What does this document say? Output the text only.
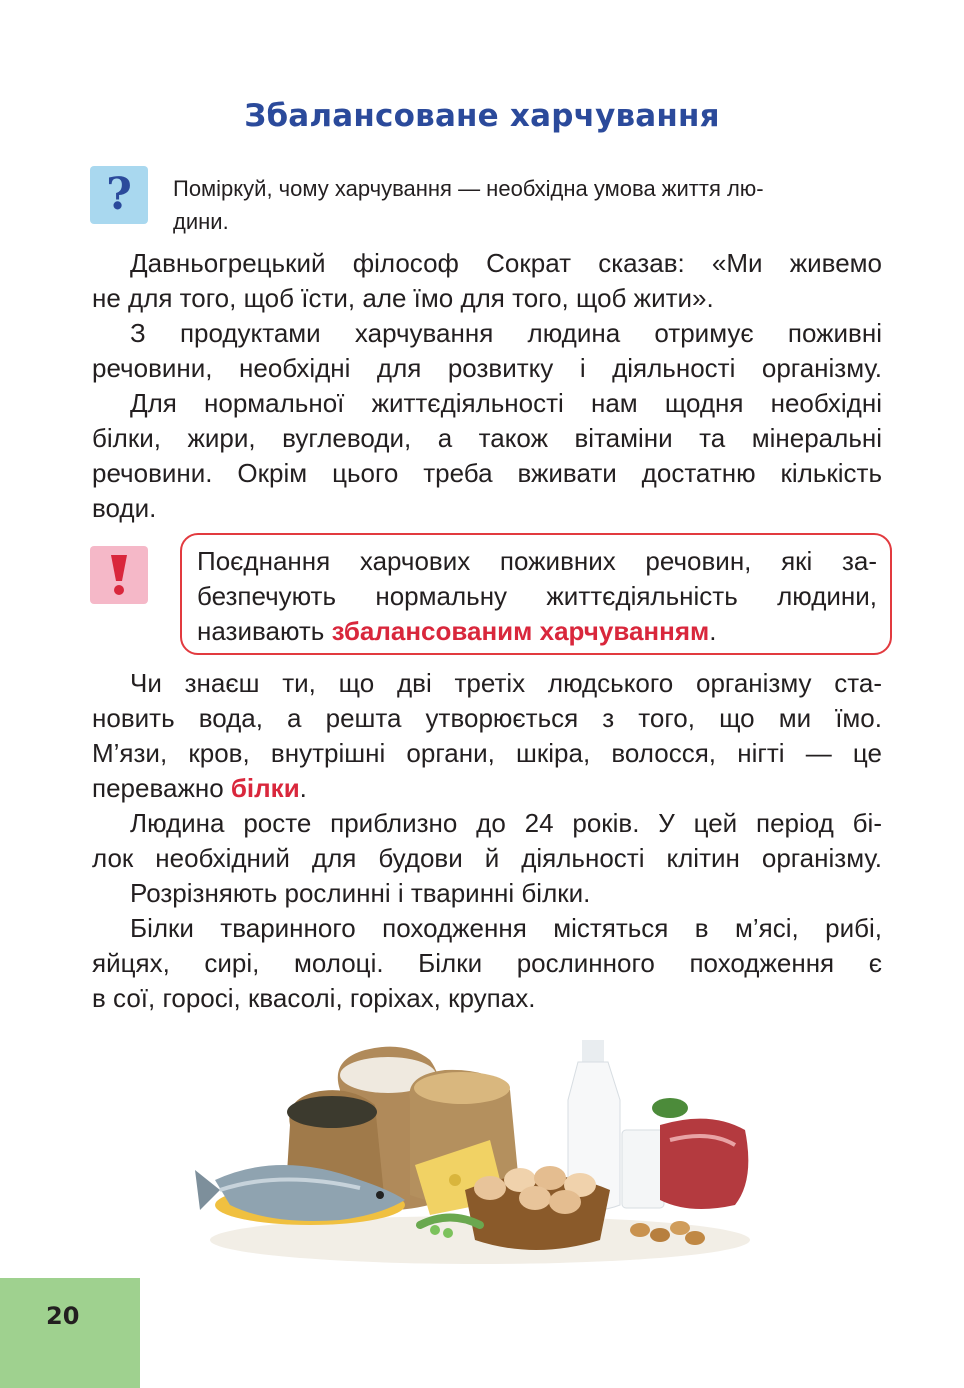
Збалансоване харчування
? Поміркуй, чому харчування — необхідна умова життя лю-
дини.
Давньогрецький філософ Сократ сказав: «Ми живемо
не для того, щоб їсти, але їмо для того, щоб жити».
З продуктами харчування людина отримує поживні
речовини, необхідні для розвитку і діяльності організму.
Для нормальної життєдіяльності нам щодня необхідні
білки, жири, вуглеводи, а також вітаміни та мінеральні
речовини. Окрім цього треба вживати достатню кількість
води.
Поєднання харчових поживних речовин, які за-
безпечують нормальну життєдіяльність людини,
називають збалансованим харчуванням.
Чи знаєш ти, що дві третіх людського організму ста-
новить вода, а решта утворюється з того, що ми їмо.
М’язи, кров, внутрішні органи, шкіра, волосся, нігті — це
переважно білки.
Людина росте приблизно до 24 років. У цей період бі-
лок необхідний для будови й діяльності клітин організму.
Розрізняють рослинні і тваринні білки.
Білки тваринного походження містяться в м’ясі, рибі,
яйцях, сирі, молоці. Білки рослинного походження є
в сої, горосі, квасолі, горіхах, крупах.
20
